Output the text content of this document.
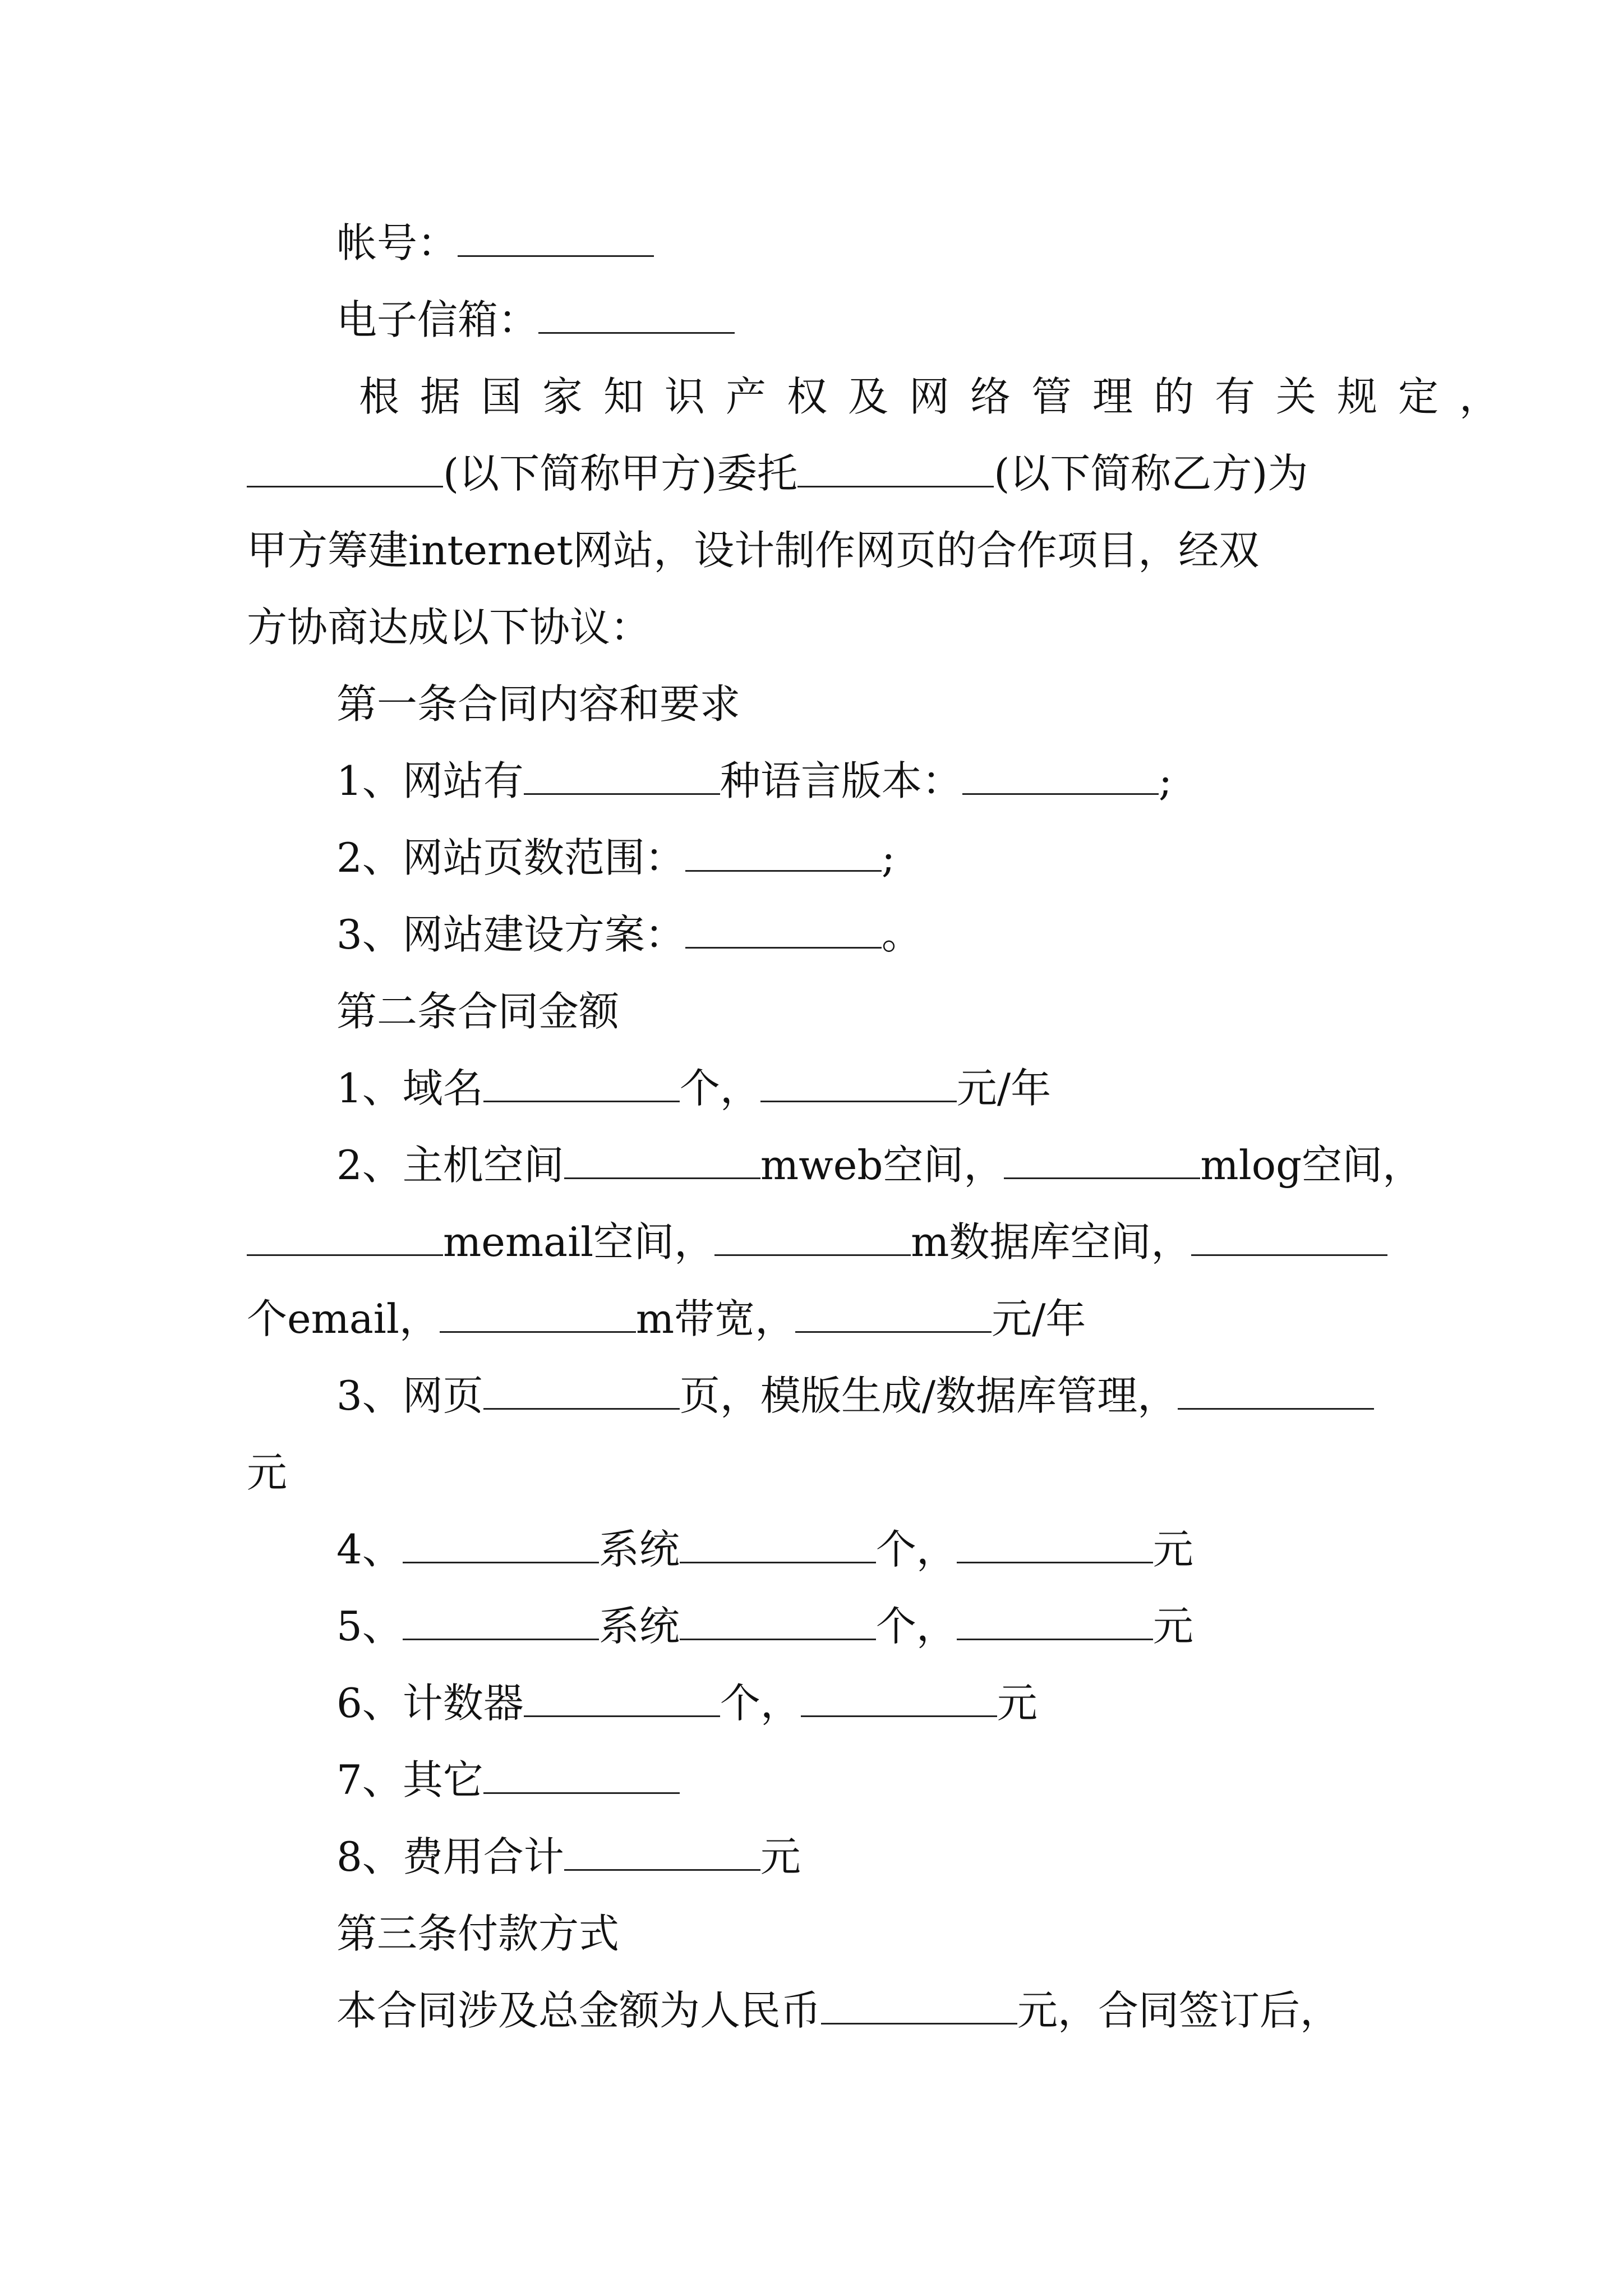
帐号：
电子信箱：
根据国家知识产权及网络管理的有关规定，
(以下简称甲方)委托	(以下简称乙方)为
甲方筹建internet网站，设计制作网页的合作项目，经双
方协商达成以下协议：
第一条合同内容和要求
1、网站有	种语言版本：	;
2、网站页数范围：	;
3、网站建设方案：	。
第二条合同金额
1、域名	个，	元/年
2、主机空间	mweb空间，	mlog空间，
memail空间，	m数据库空间，
个email，	m带宽，	元/年
3、网页	页，模版生成/数据库管理，
元
4、	系统	个，	元
5、	系统	个，	元
6、计数器	个，	元
7、其它
8、费用合计	元
第三条付款方式
本合同涉及总金额为人民币	元，合同签订后，
